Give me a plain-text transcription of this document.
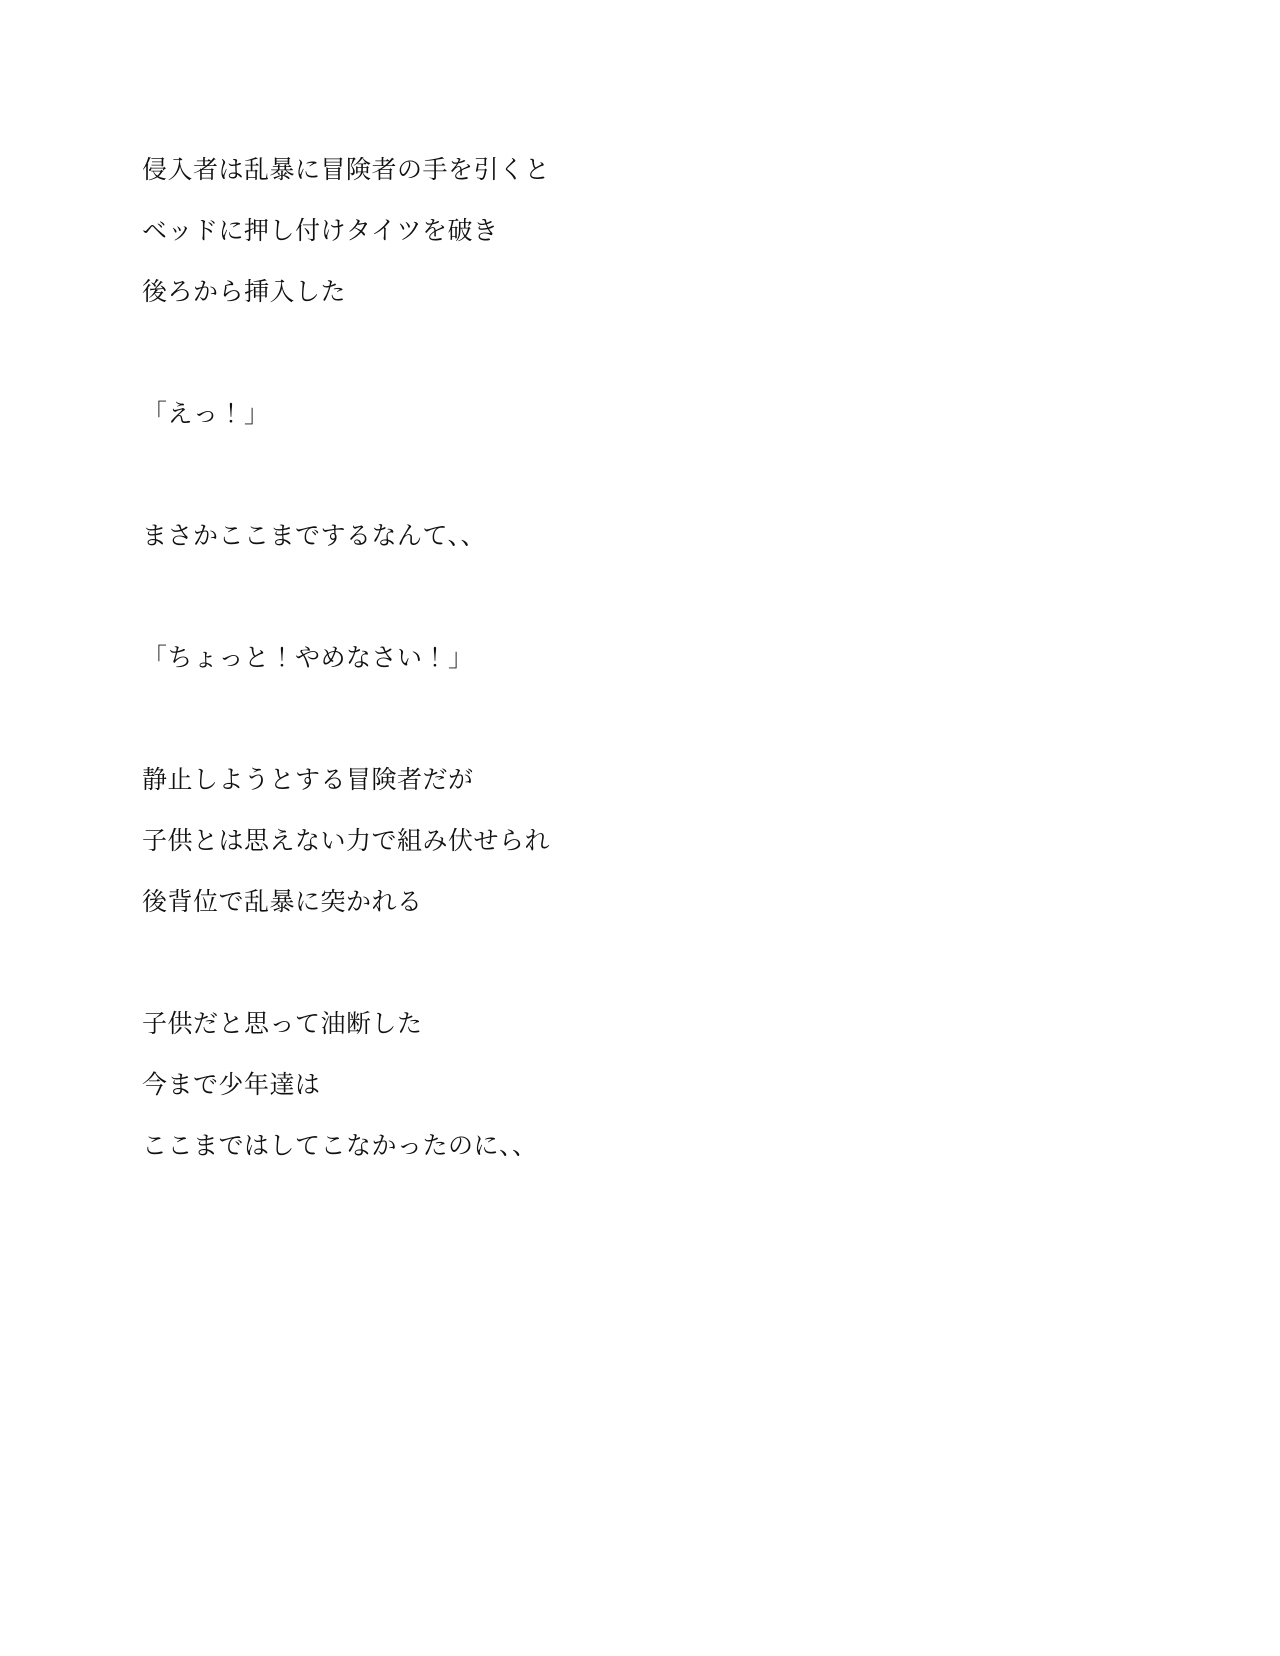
侵入者は乱暴に冒険者の手を引くと
ベッドに押し付けタイツを破き
後ろから挿入した
「えっ！」
まさかここまでするなんて、、
「ちょっと！やめなさい！」
静止しようとする冒険者だが
子供とは思えない力で組み伏せられ
後背位で乱暴に突かれる
子供だと思って油断した
今まで少年達は
ここまではしてこなかったのに、、
